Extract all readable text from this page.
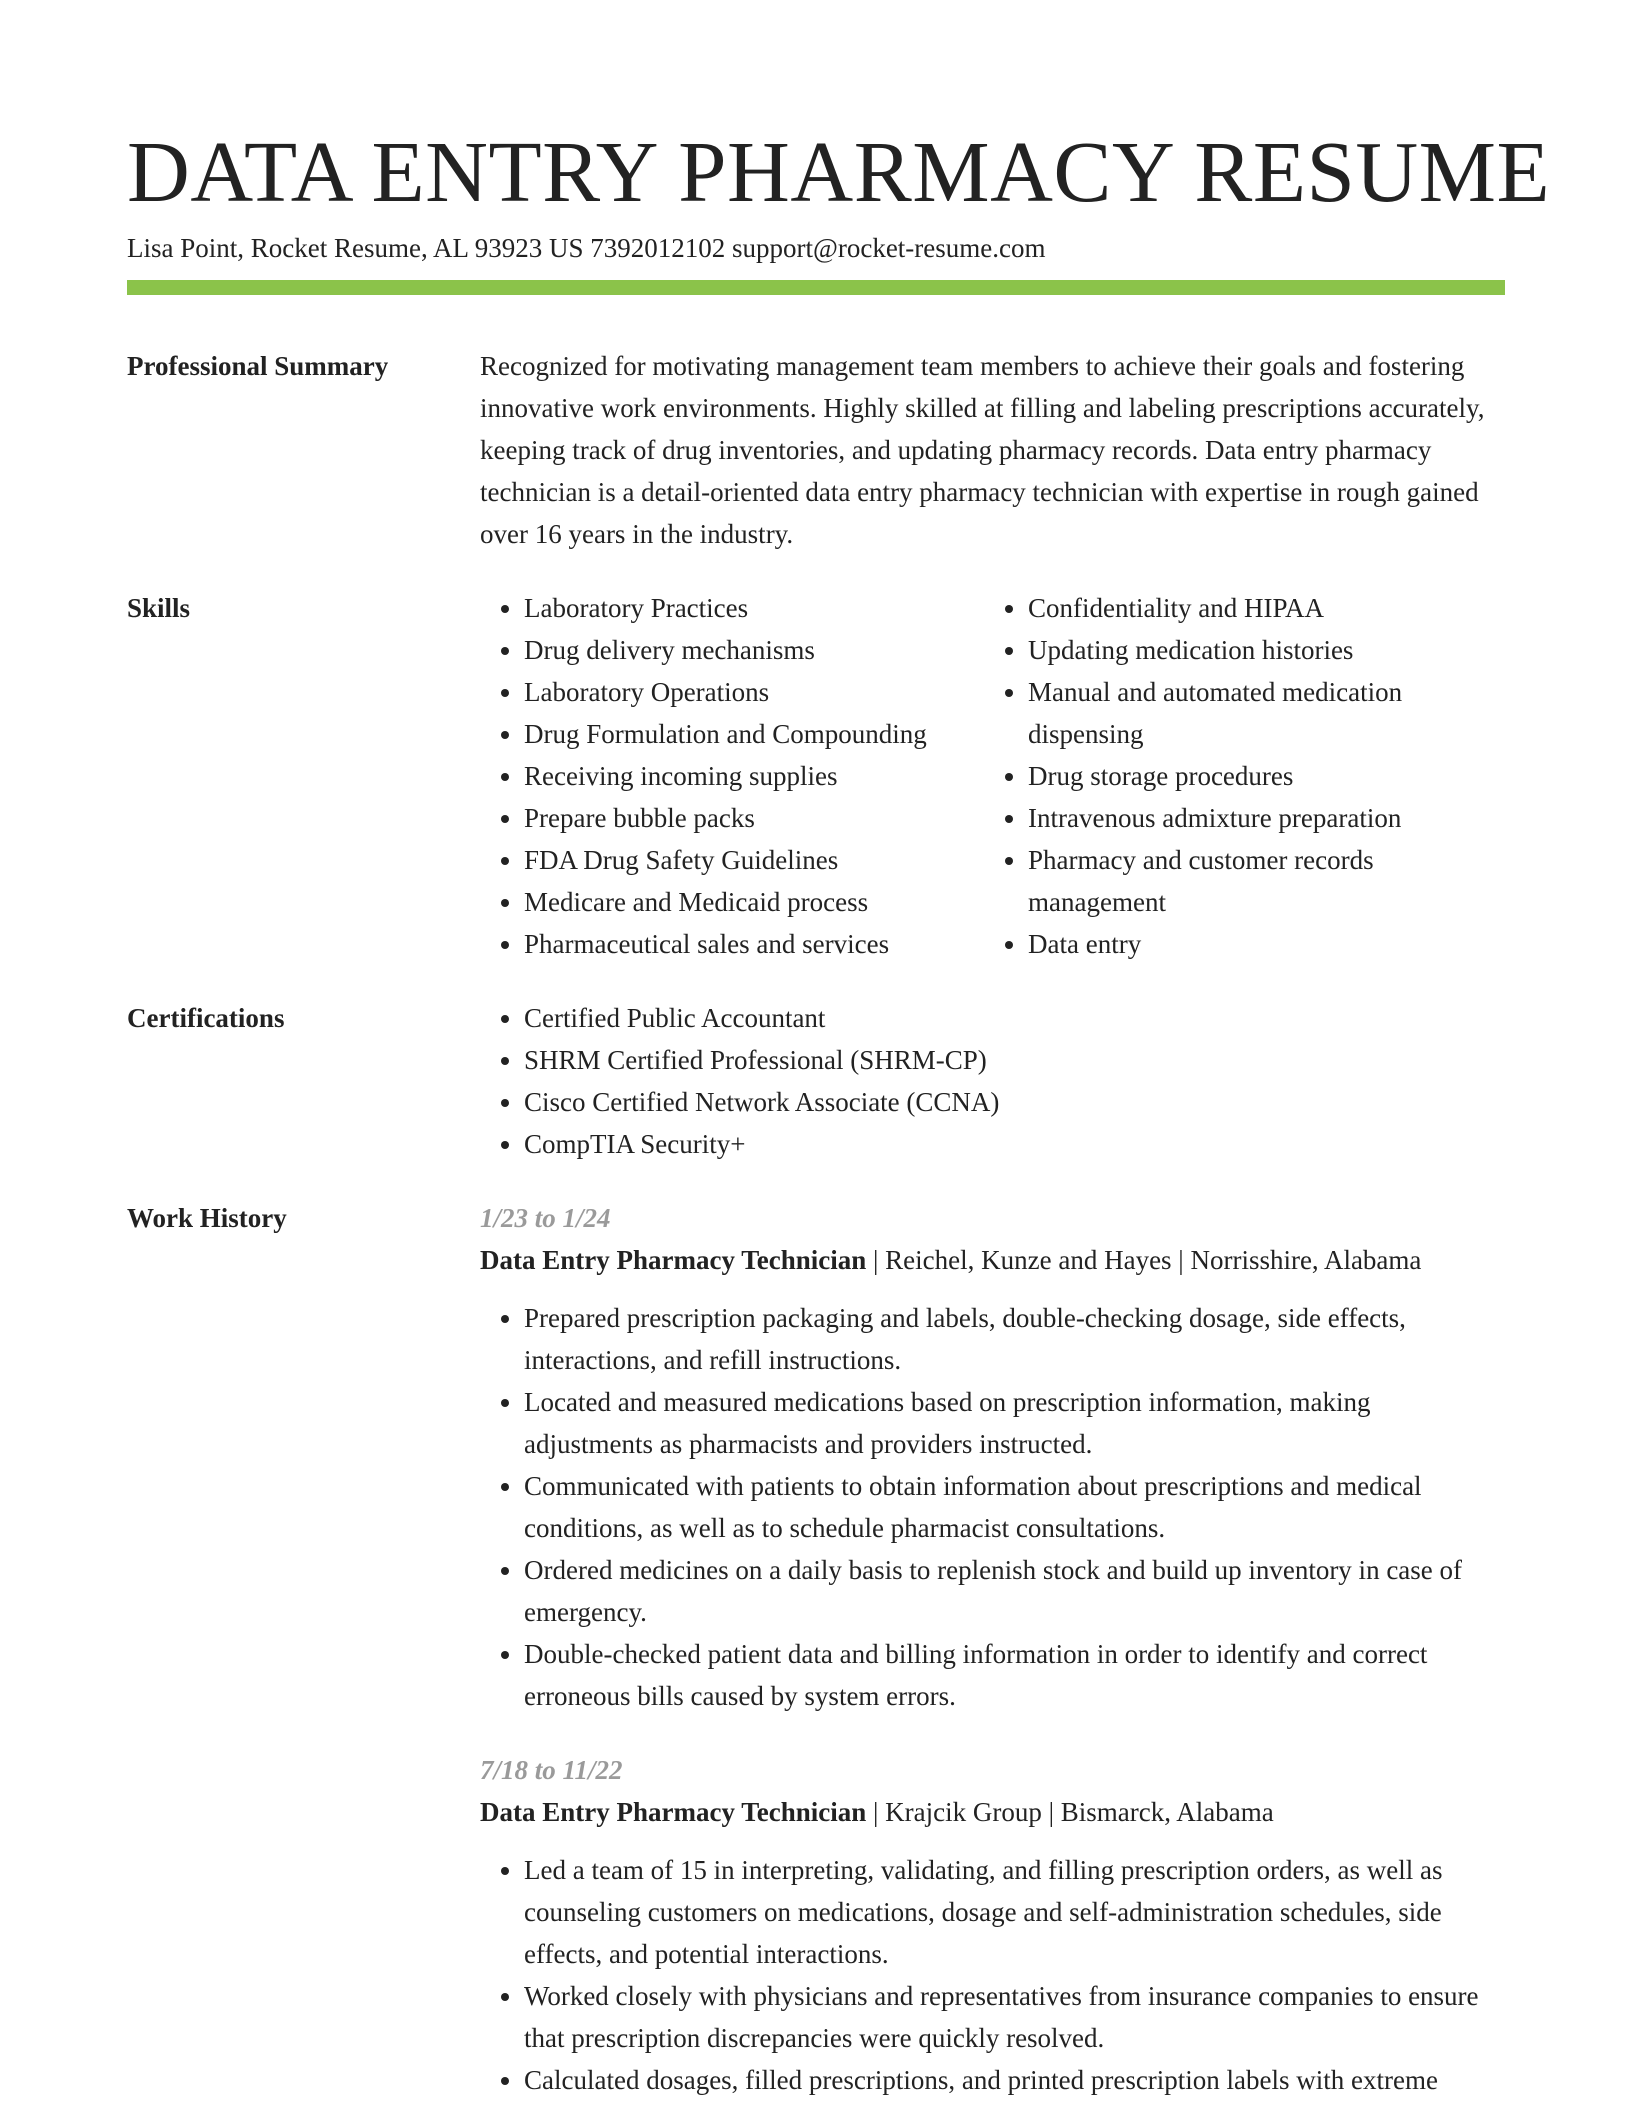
DATA ENTRY PHARMACY RESUME
Lisa Point, Rocket Resume, AL 93923 US 7392012102 support@rocket-resume.com
Professional Summary	Recognized for motivating management team members to achieve their goals and fostering innovative work environments. Highly skilled at filling and labeling prescriptions accurately, keeping track of drug inventories, and updating pharmacy records. Data entry pharmacy technician is a detail-oriented data entry pharmacy technician with expertise in rough gained over 16 years in the industry.

Skills	• Laboratory Practices
• Drug delivery mechanisms
• Laboratory Operations
• Drug Formulation and Compounding
• Receiving incoming supplies
• Prepare bubble packs
• FDA Drug Safety Guidelines
• Medicare and Medicaid process
• Pharmaceutical sales and services
• Confidentiality and HIPAA
• Updating medication histories
• Manual and automated medication dispensing
• Drug storage procedures
• Intravenous admixture preparation
• Pharmacy and customer records management
• Data entry
Certifications	• Certified Public Accountant
• SHRM Certified Professional (SHRM-CP)
• Cisco Certified Network Associate (CCNA)
• CompTIA Security+
Work History	1/23 to 1/24
Data Entry Pharmacy Technician | Reichel, Kunze and Hayes | Norrisshire, Alabama
• Prepared prescription packaging and labels, double-checking dosage, side effects, interactions, and refill instructions.
• Located and measured medications based on prescription information, making adjustments as pharmacists and providers instructed.
• Communicated with patients to obtain information about prescriptions and medical conditions, as well as to schedule pharmacist consultations.
• Ordered medicines on a daily basis to replenish stock and build up inventory in case of emergency.
• Double-checked patient data and billing information in order to identify and correct erroneous bills caused by system errors.
7/18 to 11/22
Data Entry Pharmacy Technician | Krajcik Group | Bismarck, Alabama
• Led a team of 15 in interpreting, validating, and filling prescription orders, as well as counseling customers on medications, dosage and self-administration schedules, side effects, and potential interactions.
• Worked closely with physicians and representatives from insurance companies to ensure that prescription discrepancies were quickly resolved.
• Calculated dosages, filled prescriptions, and printed prescription labels with extreme
